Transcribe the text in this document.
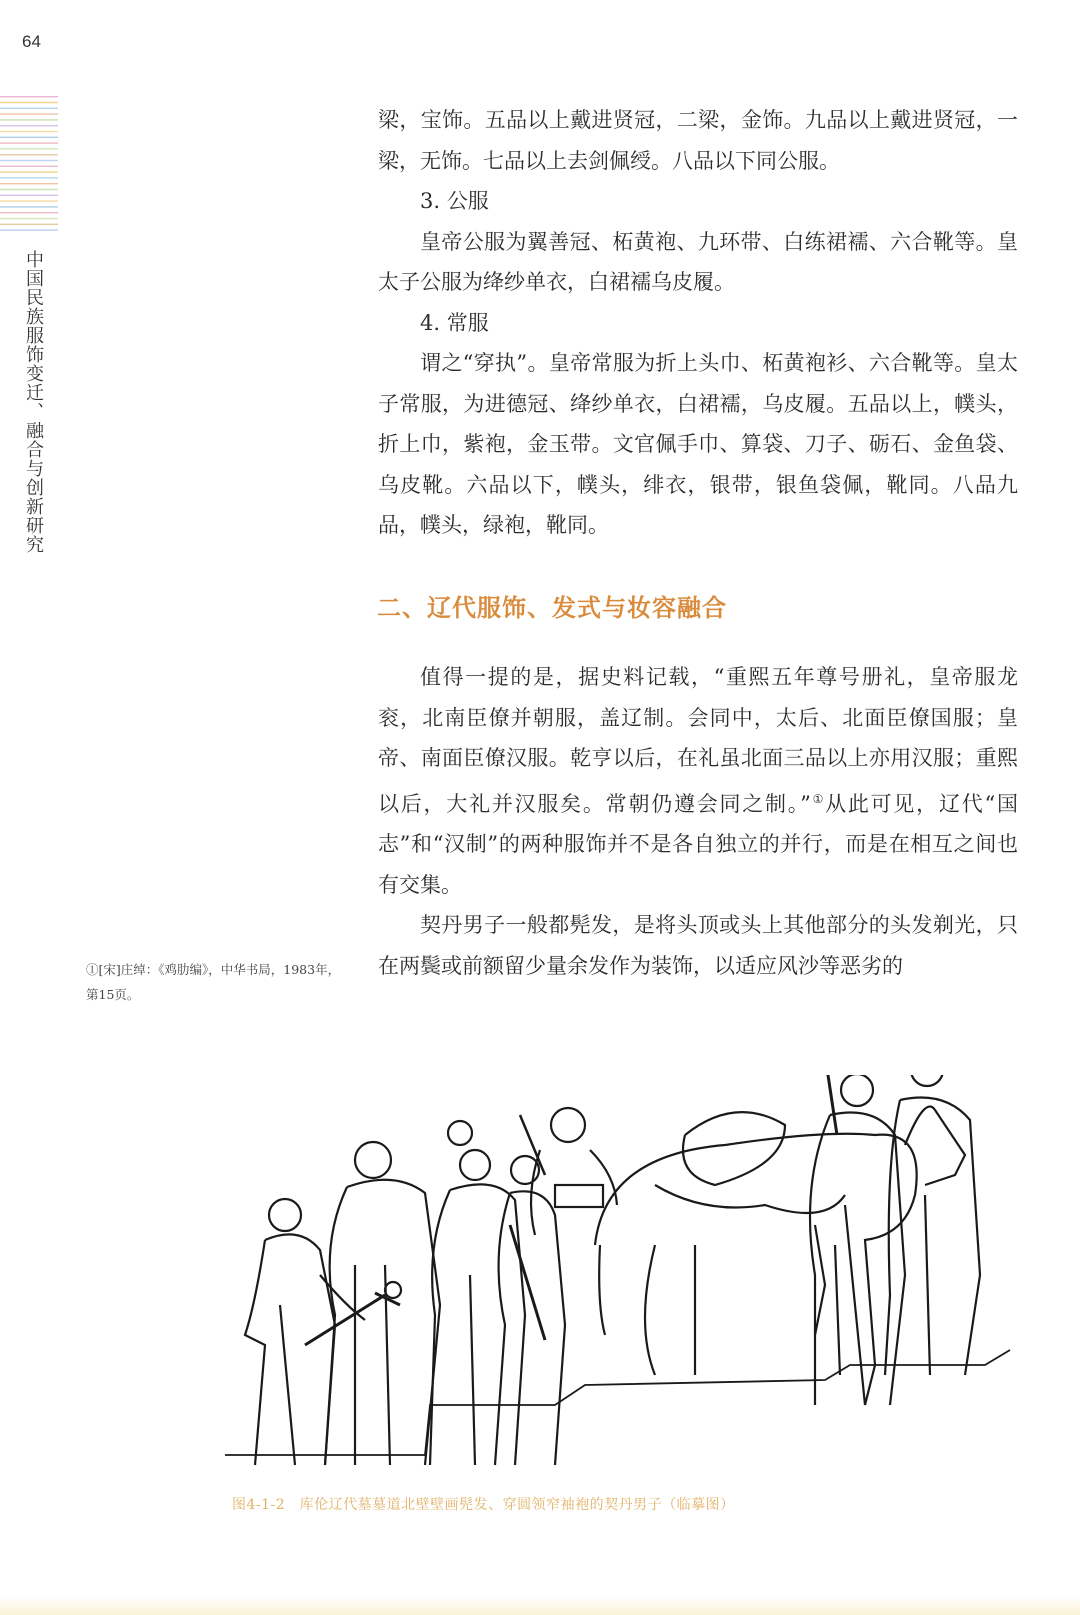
64
中国民族服饰变迁、融合与创新研究

梁，宝饰。五品以上戴进贤冠，二梁，金饰。九品以上戴进贤冠，一梁，无饰。七品以上去剑佩绶。八品以下同公服。

3. 公服

皇帝公服为翼善冠、柘黄袍、九环带、白练裙襦、六合靴等。皇太子公服为绛纱单衣，白裙襦乌皮履。

4. 常服

谓之“穿执”。皇帝常服为折上头巾、柘黄袍衫、六合靴等。皇太子常服，为进德冠、绛纱单衣，白裙襦，乌皮履。五品以上，幞头，折上巾，紫袍，金玉带。文官佩手巾、算袋、刀子、砺石、金鱼袋、乌皮靴。六品以下，幞头，绯衣，银带，银鱼袋佩，靴同。八品九品，幞头，绿袍，靴同。

二、辽代服饰、发式与妆容融合

值得一提的是，据史料记载，“重熙五年尊号册礼，皇帝服龙衮，北南臣僚并朝服，盖辽制。会同中，太后、北面臣僚国服；皇帝、南面臣僚汉服。乾亨以后，在礼虽北面三品以上亦用汉服；重熙以后，大礼并汉服矣。常朝仍遵会同之制。”①从此可见，辽代“国志”和“汉制”的两种服饰并不是各自独立的并行，而是在相互之间也有交集。

契丹男子一般都髡发，是将头顶或头上其他部分的头发剃光，只在两鬓或前额留少量余发作为装饰，以适应风沙等恶劣的

①[宋]庄绰：《鸡肋编》，中华书局，1983年，第15页。
图4-1-2　库伦辽代墓墓道北壁壁画髡发、穿圆领窄袖袍的契丹男子（临摹图）
